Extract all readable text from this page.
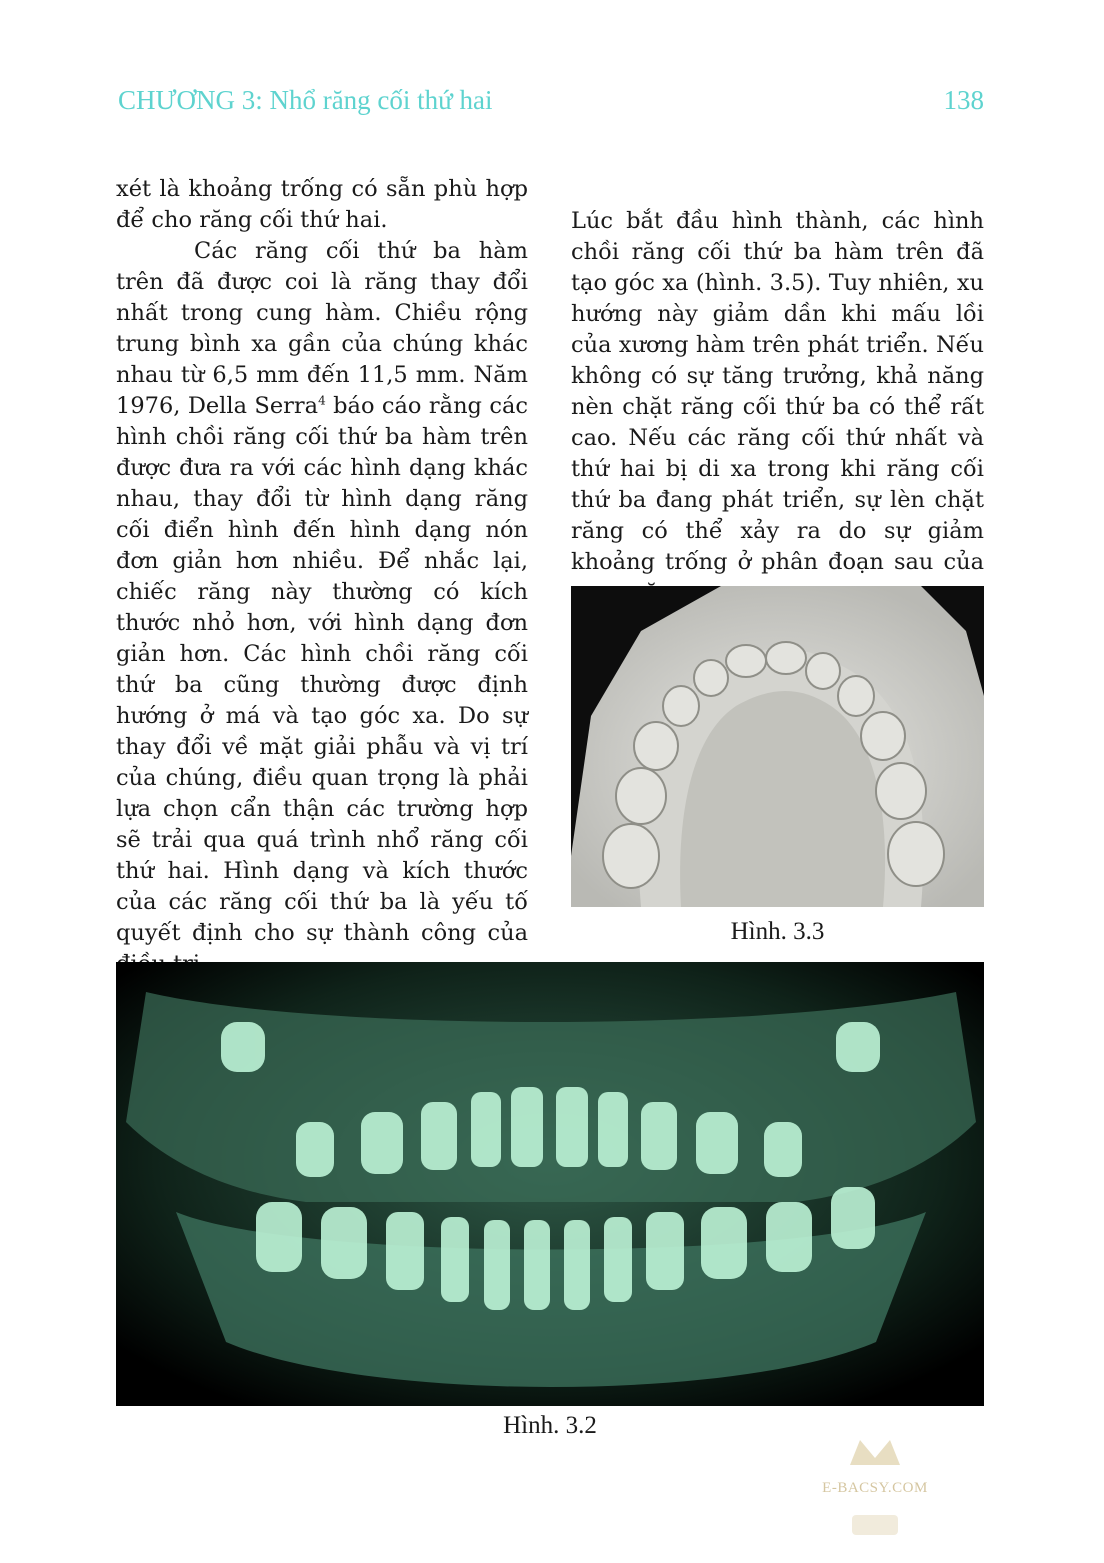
CHƯƠNG 3: Nhổ răng cối thứ hai	138

xét là khoảng trống có sẵn phù hợp để cho răng cối thứ hai.

Các răng cối thứ ba hàm trên đã được coi là răng thay đổi nhất trong cung hàm. Chiều rộng trung bình xa gần của chúng khác nhau từ 6,5 mm đến 11,5 mm. Năm 1976, Della Serra$^4$ báo cáo rằng các hình chồi răng cối thứ ba hàm trên được đưa ra với các hình dạng khác nhau, thay đổi từ hình dạng răng cối điển hình đến hình dạng nón đơn giản hơn nhiều. Để nhắc lại, chiếc răng này thường có kích thước nhỏ hơn, với hình dạng đơn giản hơn. Các hình chồi răng cối thứ ba cũng thường được định hướng ở má và tạo góc xa. Do sự thay đổi về mặt giải phẫu và vị trí của chúng, điều quan trọng là phải lựa chọn cẩn thận các trường hợp sẽ trải qua quá trình nhổ răng cối thứ hai. Hình dạng và kích thước của các răng cối thứ ba là yếu tố quyết định cho sự thành công của

Lúc bắt đầu hình thành, các hình chồi răng cối thứ ba hàm trên đã tạo góc xa (hình. 3.5). Tuy nhiên, xu hướng này giảm dần khi mấu lồi của xương hàm trên phát triển. Nếu không có sự tăng trưởng, khả năng nèn chặt răng cối thứ ba có thể rất cao. Nếu các răng cối thứ nhất và thứ hai bị di xa trong khi răng cối thứ ba đang phát triển, sự lèn chặt răng có thể xảy ra do sự giảm khoảng trống ở phân đoạn sau của

Hình. 3.3
Hình. 3.2
E-BACSY.COM
